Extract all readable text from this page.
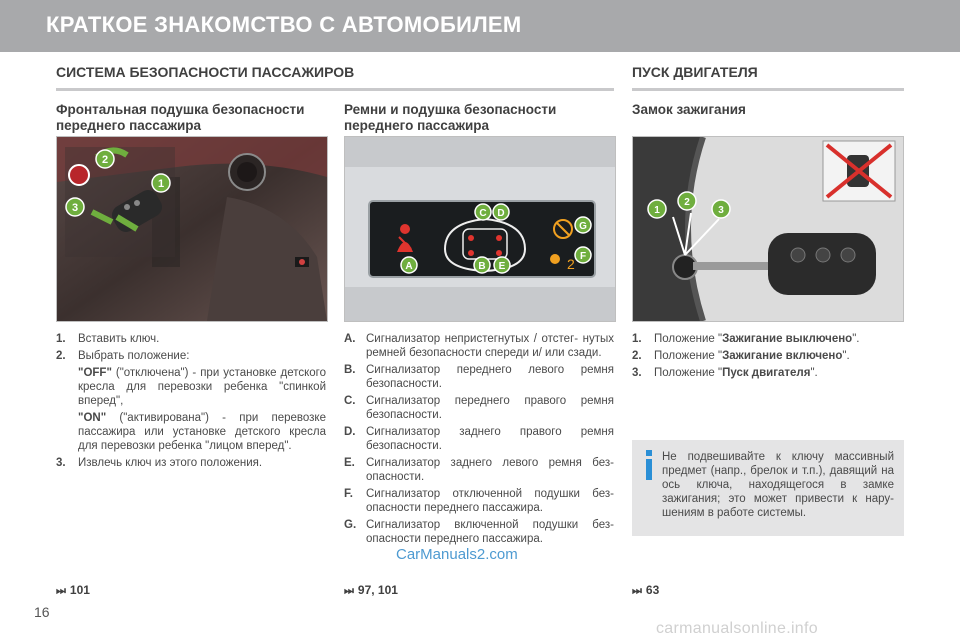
КРАТКОЕ ЗНАКОМСТВО С АВТОМОБИЛЕМ
СИСТЕМА БЕЗОПАСНОСТИ ПАССАЖИРОВ	ПУСК ДВИГАТЕЛЯ
Фронтальная подушка безопасности
переднего пассажира
Ремни и подушка безопасности
переднего пассажира
Замок зажигания
2
1
3
2
A	B
C D
E
F
G
1
2
3
1.	Вставить ключ.
2.	Выбрать положение:
"OFF" ("отключена") - при установке детского кресла для перевозки ребенка "спинкой вперед",
"ON" ("активирована") - при перевозке пассажира или установке детского кресла для перевозки ребенка "лицом вперед".
3.	Извлечь ключ из этого положения.
A. Сигнализатор непристегнутых / отстег- нутых ремней безопасности спереди и/ или сзади.
B. Сигнализатор переднего левого ремня безопасности.
C. Сигнализатор переднего правого ремня безопасности.
D. Сигнализатор заднего правого ремня безопасности.
E. Сигнализатор заднего левого ремня без- опасности.
F.	Сигнализатор отключенной подушки без- опасности переднего пассажира.
G. Сигнализатор включенной подушки без- опасности переднего пассажира.
1.	Положение "Зажигание выключено".
2.	Положение "Зажигание включено".
3.	Положение "Пуск двигателя".
Не подвешивайте к ключу массивный предмет (напр., брелок и т.п.), давящий на ось ключа, находящегося в замке зажигания; это может привести к нару- шениям в работе системы.
⏭ 101	⏭ 97, 101	⏭ 63
CarManuals2.com
16
carmanualsonline.info
